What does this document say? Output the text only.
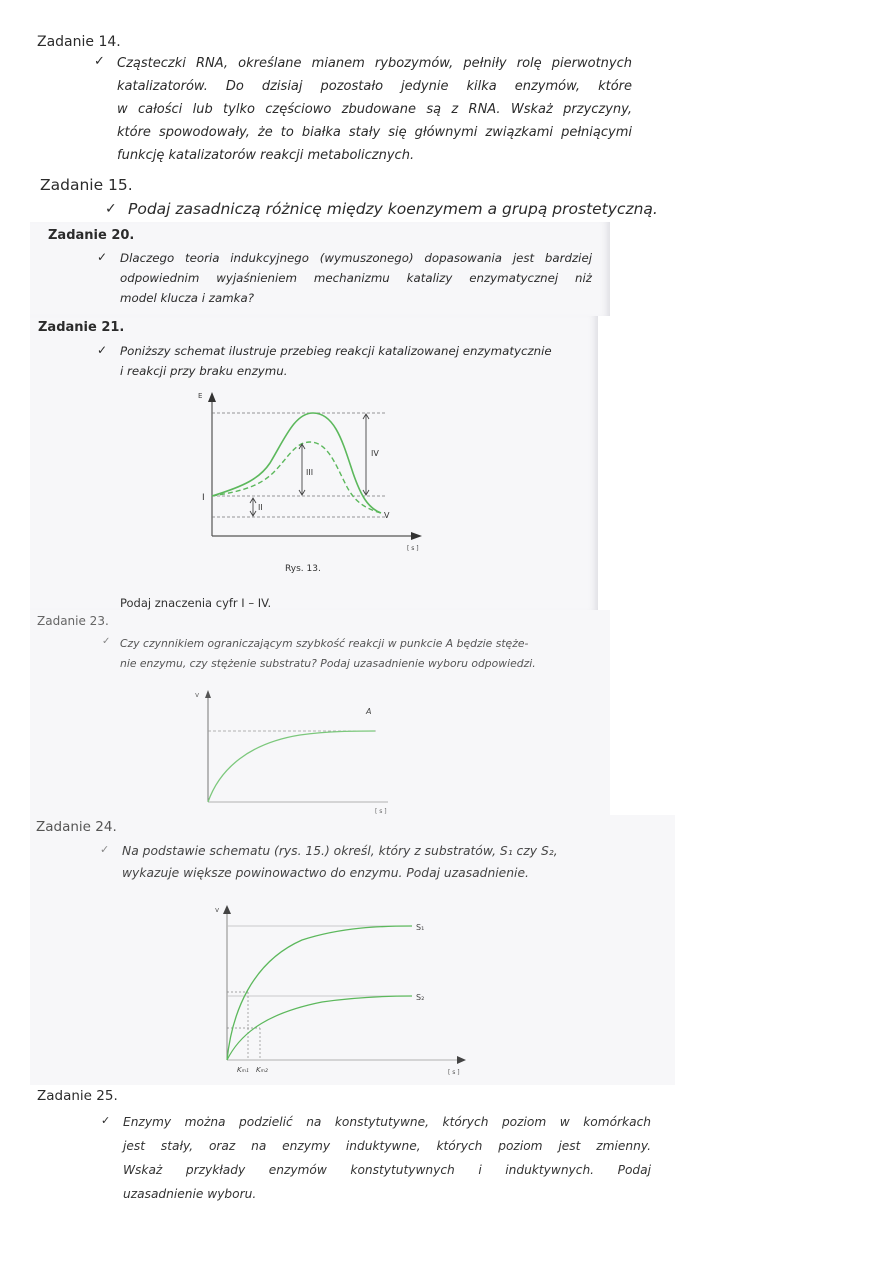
Zadanie 14.
✓ Cząsteczki RNA, określane mianem rybozymów, pełniły rolę pierwotnych
katalizatorów. Do dzisiaj pozostało jedynie kilka enzymów, które
w całości lub tylko częściowo zbudowane są z RNA. Wskaż przyczyny,
które spowodowały, że to białka stały się głównymi związkami pełniącymi
funkcję katalizatorów reakcji metabolicznych.
Zadanie 15.
✓ Podaj zasadniczą różnicę między koenzymem a grupą prostetyczną.
Zadanie 20.
✓ Dlaczego teoria indukcyjnego (wymuszonego) dopasowania jest bardziej
odpowiednim wyjaśnieniem mechanizmu katalizy enzymatycznej niż
model klucza i zamka?
Zadanie 21.
✓ Poniższy schemat ilustruje przebieg reakcji katalizowanej enzymatycznie
i reakcji przy braku enzymu.
E
[ s ]
I
II
III
IV
V
Rys. 13.
Podaj znaczenia cyfr I – IV.
Zadanie 23.
✓ Czy czynnikiem ograniczającym szybkość reakcji w punkcie A będzie stęże-
nie enzymu, czy stężenie substratu? Podaj uzasadnienie wyboru odpowiedzi.
v
[ s ]
A
Zadanie 24.
✓ Na podstawie schematu (rys. 15.) określ, który z substratów, S₁ czy S₂,
wykazuje większe powinowactwo do enzymu. Podaj uzasadnienie.
v
[ s ]
S₁
S₂
Kₘ₁ Kₘ₂
Zadanie 25.
✓ Enzymy można podzielić na konstytutywne, których poziom w komórkach
jest stały, oraz na enzymy induktywne, których poziom jest zmienny.
Wskaż przykłady enzymów konstytutywnych i induktywnych. Podaj
uzasadnienie wyboru.
